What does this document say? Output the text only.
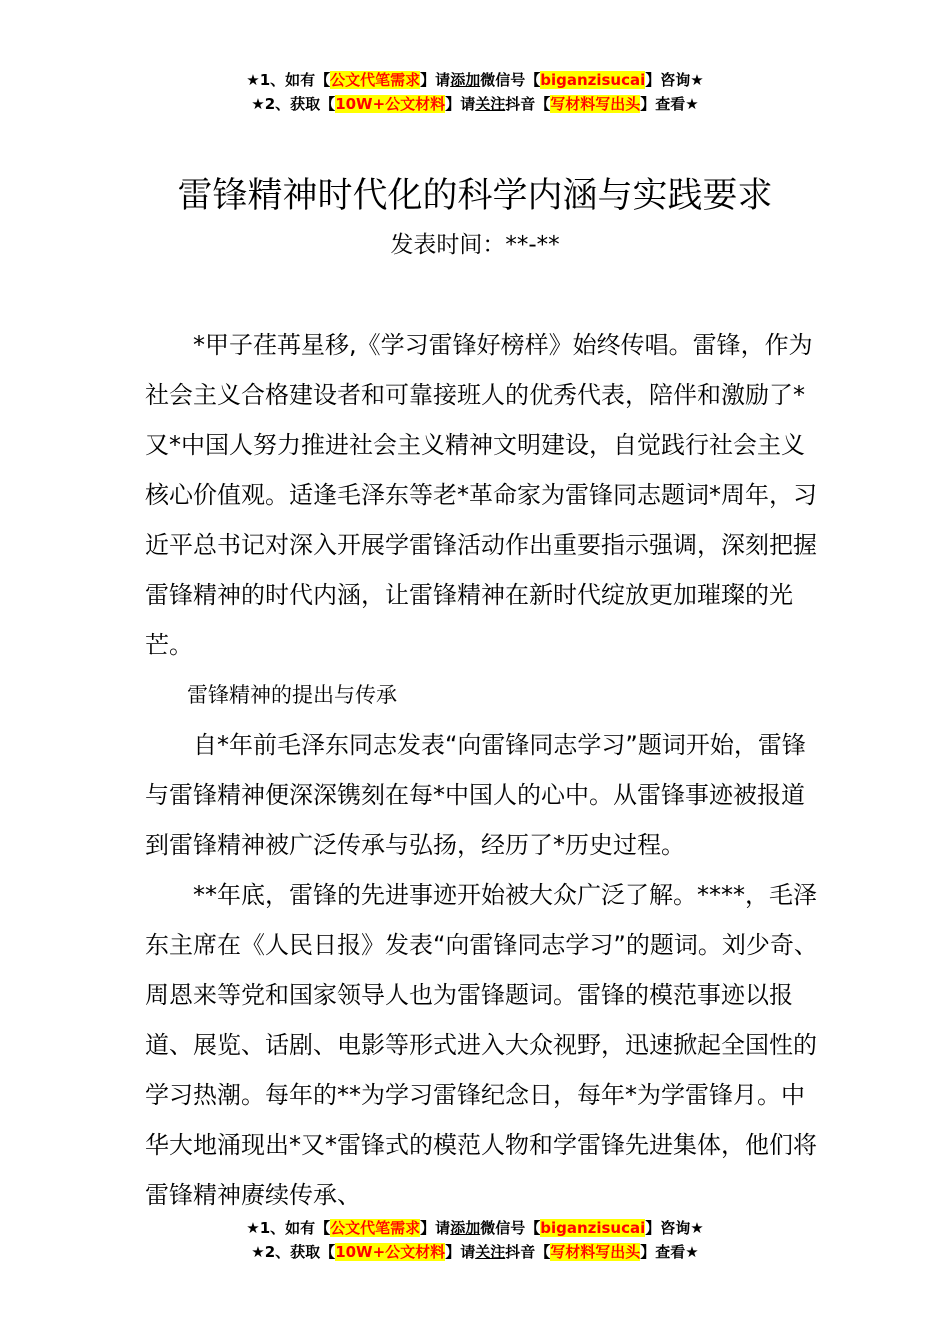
★1、如有【公文代笔需求】请添加微信号【biganzisucai】咨询★
★2、获取【10W+公文材料】请关注抖音【写材料写出头】查看★
雷锋精神时代化的科学内涵与实践要求
发表时间：**-**

*甲子荏苒星移,《学习雷锋好榜样》始终传唱。雷锋，作为社会主义合格建设者和可靠接班人的优秀代表，陪伴和激励了*又*中国人努力推进社会主义精神文明建设，自觉践行社会主义核心价值观。适逢毛泽东等老*革命家为雷锋同志题词*周年，习近平总书记对深入开展学雷锋活动作出重要指示强调，深刻把握雷锋精神的时代内涵，让雷锋精神在新时代绽放更加璀璨的光芒。

雷锋精神的提出与传承

自*年前毛泽东同志发表“向雷锋同志学习”题词开始，雷锋与雷锋精神便深深镌刻在每*中国人的心中。从雷锋事迹被报道到雷锋精神被广泛传承与弘扬，经历了*历史过程。

**年底，雷锋的先进事迹开始被大众广泛了解。****，毛泽东主席在《人民日报》发表“向雷锋同志学习”的题词。刘少奇、周恩来等党和国家领导人也为雷锋题词。雷锋的模范事迹以报道、展览、话剧、电影等形式进入大众视野，迅速掀起全国性的学习热潮。每年的**为学习雷锋纪念日，每年*为学雷锋月。中华大地涌现出*又*雷锋式的模范人物和学雷锋先进集体，他们将雷锋精神赓续传承、

★1、如有【公文代笔需求】请添加微信号【biganzisucai】咨询★
★2、获取【10W+公文材料】请关注抖音【写材料写出头】查看★
